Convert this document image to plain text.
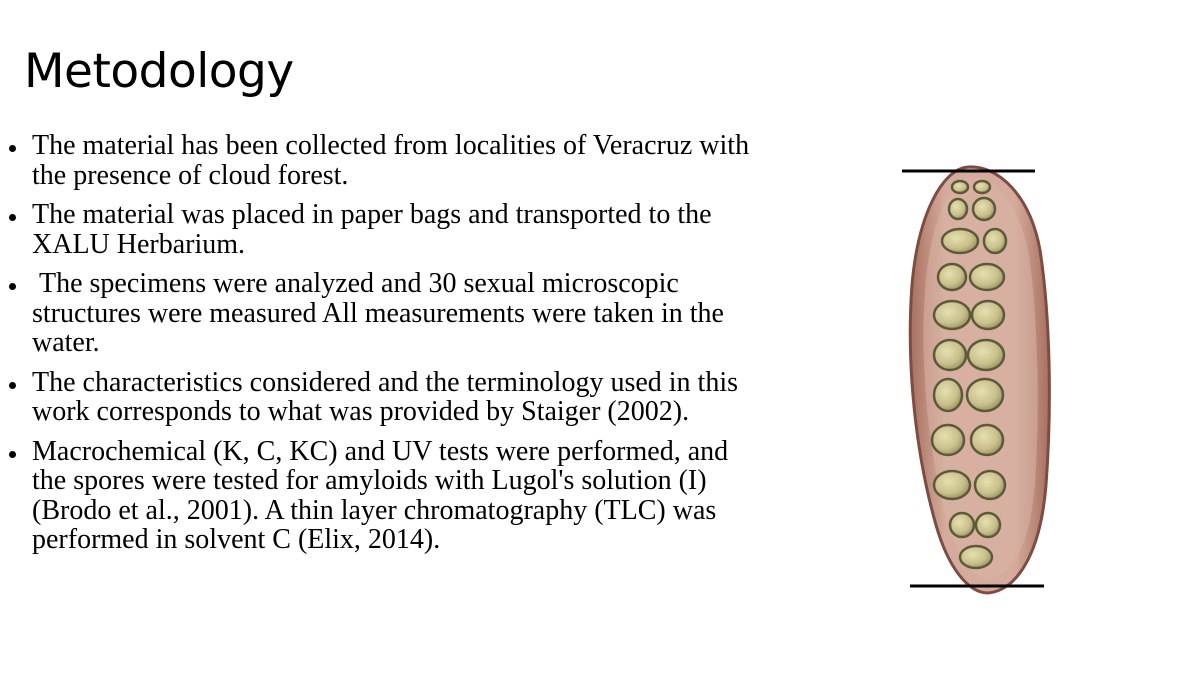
Metodology
The material has been collected from localities of Veracruz with the presence of cloud forest.
The material was placed in paper bags and transported to the XALU Herbarium.
The specimens were analyzed and 30 sexual microscopic structures were measured All measurements were taken in the water.
The characteristics considered and the terminology used in this work corresponds to what was provided by Staiger (2002).
Macrochemical (K, C, KC) and UV tests were performed, and the spores were tested for amyloids with Lugol's solution (I) (Brodo et al., 2001). A thin layer chromatography (TLC) was performed in solvent C (Elix, 2014).
